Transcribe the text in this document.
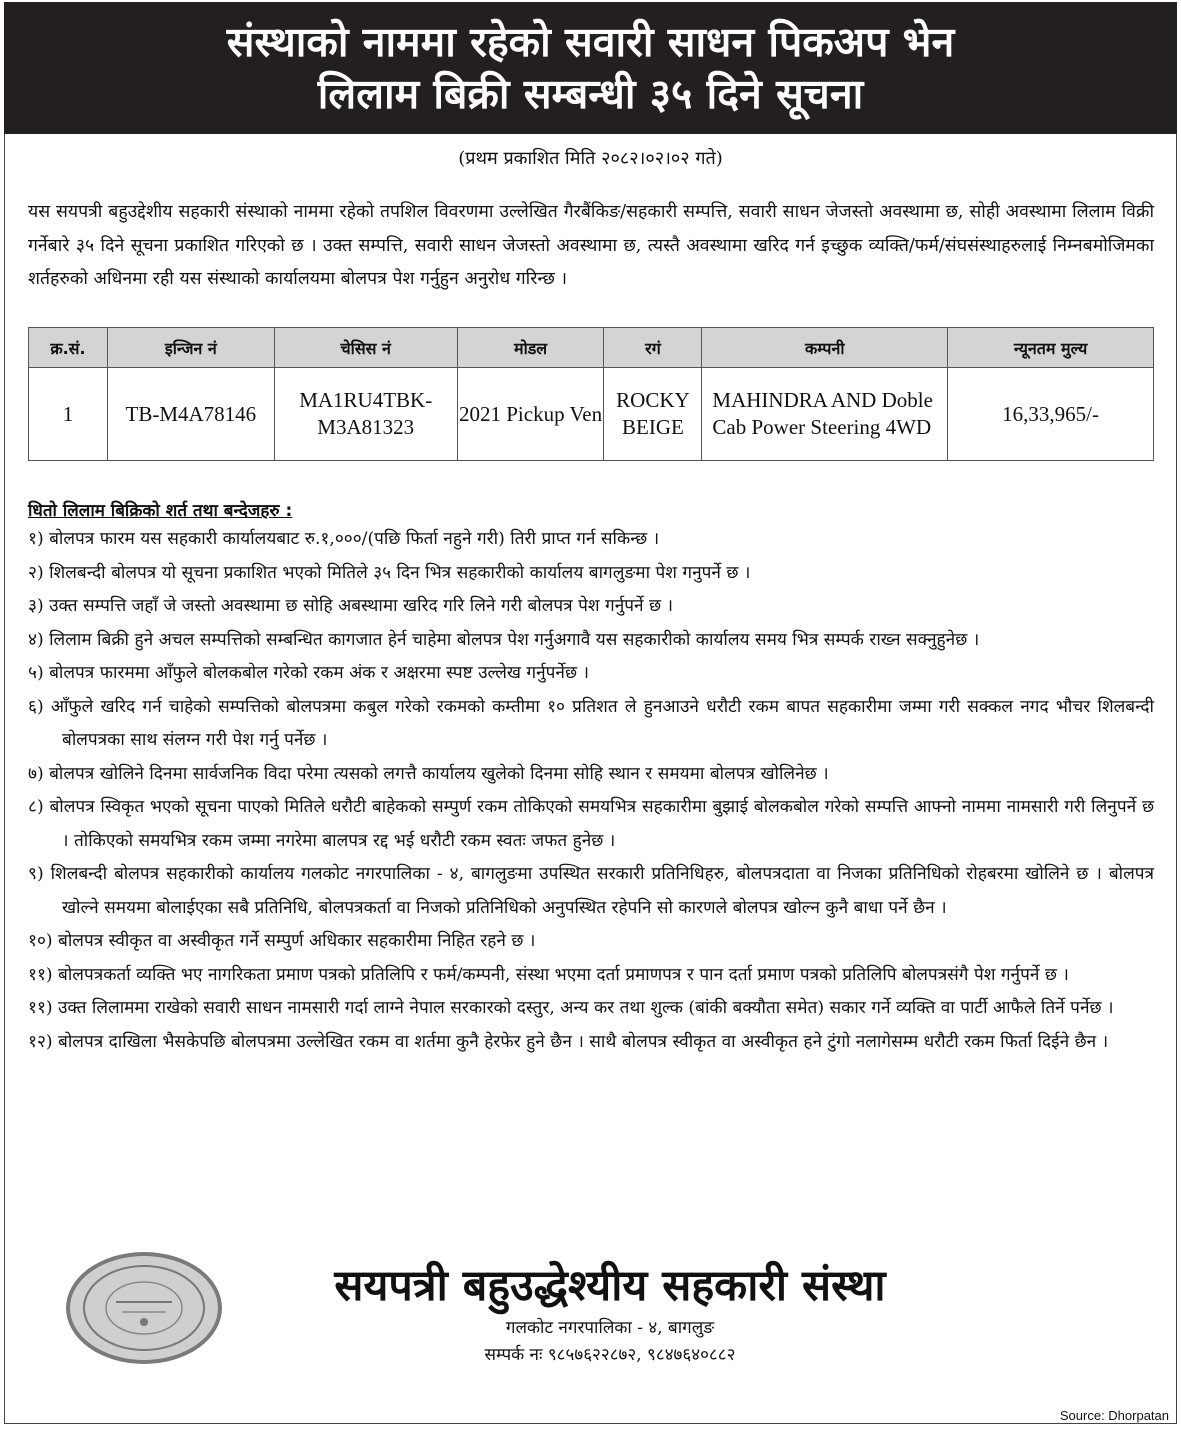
संस्थाको नाममा रहेको सवारी साधन पिकअप भेन
लिलाम बिक्री सम्बन्धी ३५ दिने सूचना
(प्रथम प्रकाशित मिति २०८२।०२।०२ गते)

यस सयपत्री बहुउद्देशीय सहकारी संस्थाको नाममा रहेको तपशिल विवरणमा उल्लेखित गैरबैंकिङ/सहकारी सम्पत्ति, सवारी साधन जेजस्तो अवस्थामा छ, सोही अवस्थामा लिलाम विक्री गर्नेबारे ३५ दिने सूचना प्रकाशित गरिएको छ । उक्त सम्पत्ति, सवारी साधन जेजस्तो अवस्थामा छ, त्यस्तै अवस्थामा खरिद गर्न इच्छुक व्यक्ति/फर्म/संघसंस्थाहरुलाई निम्नबमोजिमका शर्तहरुको अधिनमा रही यस संस्थाको कार्यालयमा बोलपत्र पेश गर्नुहुन अनुरोध गरिन्छ ।

क्र.सं.	इन्जिन नं	चेसिस नं	मोडल	रगं	कम्पनी	न्यूनतम मुल्य
1	TB-M4A78146	MA1RU4TBK-M3A81323	2021 Pickup Ven	ROCKY BEIGE	MAHINDRA AND Doble Cab Power Steering 4WD	16,33,965/-
धितो लिलाम बिक्रिको शर्त तथा बन्देजहरु :

१) बोलपत्र फारम यस सहकारी कार्यालयबाट रु.१,०००/(पछि फिर्ता नहुने गरी) तिरी प्राप्त गर्न सकिन्छ ।

२) शिलबन्दी बोलपत्र यो सूचना प्रकाशित भएको मितिले ३५ दिन भित्र सहकारीको कार्यालय बागलुङमा पेश गनुपर्ने छ ।

३) उक्त सम्पत्ति जहाँ जे जस्तो अवस्थामा छ सोहि अबस्थामा खरिद गरि लिने गरी बोलपत्र पेश गर्नुपर्ने छ ।

४) लिलाम बिक्री हुने अचल सम्पत्तिको सम्बन्धित कागजात हेर्न चाहेमा बोलपत्र पेश गर्नुअगावै यस सहकारीको कार्यालय समय भित्र सम्पर्क राख्न सक्नुहुनेछ ।

५) बोलपत्र फारममा आँफुले बोलकबोल गरेको रकम अंक र अक्षरमा स्पष्ट उल्लेख गर्नुपर्नेछ ।

६) आँफुले खरिद गर्न चाहेको सम्पत्तिको बोलपत्रमा कबुल गरेको रकमको कम्तीमा १० प्रतिशत ले हुनआउने धरौटी रकम बापत सहकारीमा जम्मा गरी सक्कल नगद भौचर शिलबन्दी बोलपत्रका साथ संलग्न गरी पेश गर्नु पर्नेछ ।

७) बोलपत्र खोलिने दिनमा सार्वजनिक विदा परेमा त्यसको लगत्तै कार्यालय खुलेको दिनमा सोहि स्थान र समयमा बोलपत्र खोलिनेछ ।

८) बोलपत्र स्विकृत भएको सूचना पाएको मितिले धरौटी बाहेकको सम्पुर्ण रकम तोकिएको समयभित्र सहकारीमा बुझाई बोलकबोल गरेको सम्पत्ति आफ्नो नाममा नामसारी गरी लिनुपर्ने छ । तोकिएको समयभित्र रकम जम्मा नगरेमा बालपत्र रद्द भई धरौटी रकम स्वतः जफत हुनेछ ।

९) शिलबन्दी बोलपत्र सहकारीको कार्यालय गलकोट नगरपालिका - ४, बागलुङमा उपस्थित सरकारी प्रतिनिधिहरु, बोलपत्रदाता वा निजका प्रतिनिधिको रोहबरमा खोलिने छ । बोलपत्र खोल्ने समयमा बोलाईएका सबै प्रतिनिधि, बोलपत्रकर्ता वा निजको प्रतिनिधिको अनुपस्थित रहेपनि सो कारणले बोलपत्र खोल्न कुनै बाधा पर्ने छैन ।

१०) बोलपत्र स्वीकृत वा अस्वीकृत गर्ने सम्पुर्ण अधिकार सहकारीमा निहित रहने छ ।

११) बोलपत्रकर्ता व्यक्ति भए नागरिकता प्रमाण पत्रको प्रतिलिपि र फर्म/कम्पनी, संस्था भएमा दर्ता प्रमाणपत्र र पान दर्ता प्रमाण पत्रको प्रतिलिपि बोलपत्रसंगै पेश गर्नुपर्ने छ ।

११) उक्त लिलाममा राखेको सवारी साधन नामसारी गर्दा लाग्ने नेपाल सरकारको दस्तुर, अन्य कर तथा शुल्क (बांकी बक्यौता समेत) सकार गर्ने व्यक्ति वा पार्टी आफैले तिर्ने पर्नेछ ।

१२) बोलपत्र दाखिला भैसकेपछि बोलपत्रमा उल्लेखित रकम वा शर्तमा कुनै हेरफेर हुने छैन । साथै बोलपत्र स्वीकृत वा अस्वीकृत हने टुंगो नलागेसम्म धरौटी रकम फिर्ता दिईने छैन ।

सयपत्री बहुउद्धेश्यीय सहकारी संस्था
गलकोट नगरपालिका - ४, बागलुङ
सम्पर्क नः ९८५७६२२८७२, ९८४७६४०८८२
Source: Dhorpatan
